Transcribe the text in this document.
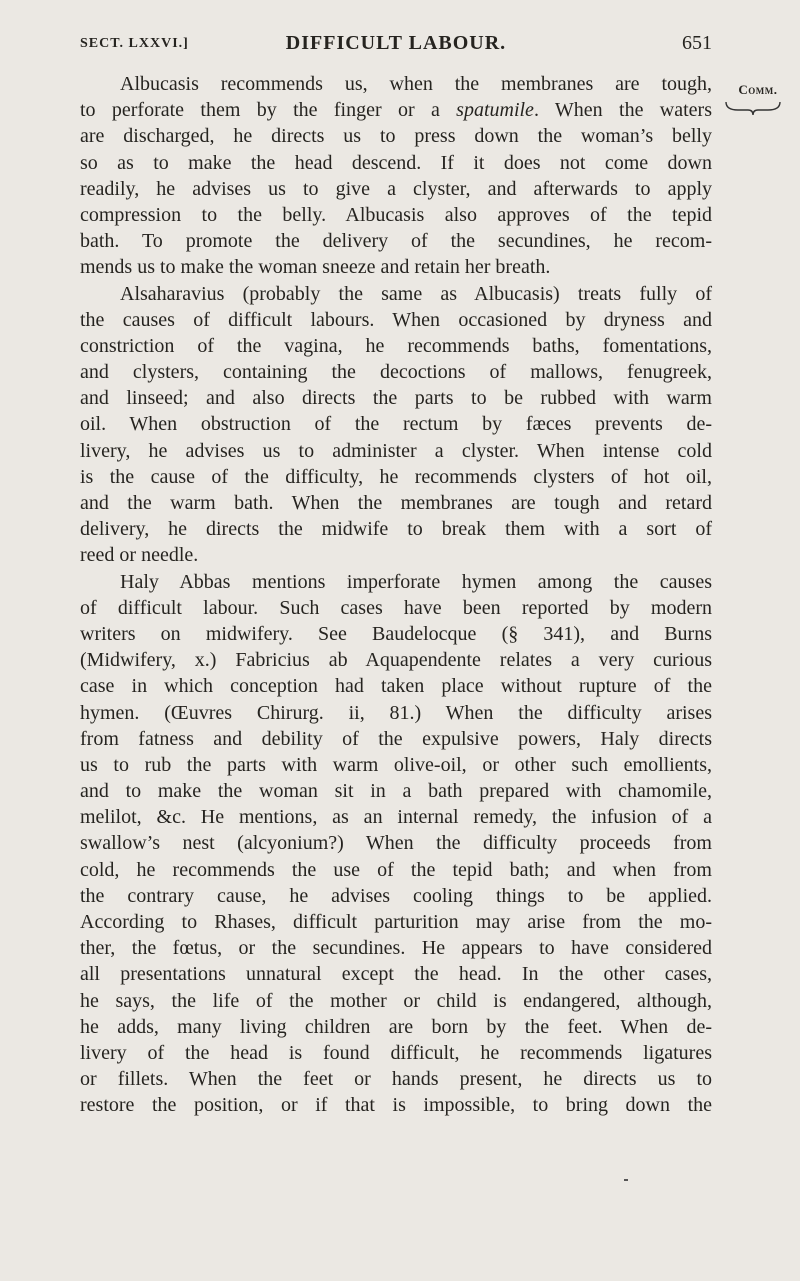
SECT. LXXVI.]	DIFFICULT LABOUR.	651
Comm.
Albucasis recommends us, when the membranes are tough,
to perforate them by the finger or a spatumile. When the waters
are discharged, he directs us to press down the woman’s belly
so as to make the head descend. If it does not come down
readily, he advises us to give a clyster, and afterwards to apply
compression to the belly. Albucasis also approves of the tepid
bath. To promote the delivery of the secundines, he recom-
mends us to make the woman sneeze and retain her breath.
Alsaharavius (probably the same as Albucasis) treats fully of
the causes of difficult labours. When occasioned by dryness and
constriction of the vagina, he recommends baths, fomentations,
and clysters, containing the decoctions of mallows, fenugreek,
and linseed; and also directs the parts to be rubbed with warm
oil. When obstruction of the rectum by fæces prevents de-
livery, he advises us to administer a clyster. When intense cold
is the cause of the difficulty, he recommends clysters of hot oil,
and the warm bath. When the membranes are tough and retard
delivery, he directs the midwife to break them with a sort of
reed or needle.
Haly Abbas mentions imperforate hymen among the causes
of difficult labour. Such cases have been reported by modern
writers on midwifery. See Baudelocque (§ 341), and Burns
(Midwifery, x.) Fabricius ab Aquapendente relates a very curious
case in which conception had taken place without rupture of the
hymen. (Œuvres Chirurg. ii, 81.) When the difficulty arises
from fatness and debility of the expulsive powers, Haly directs
us to rub the parts with warm olive-oil, or other such emollients,
and to make the woman sit in a bath prepared with chamomile,
melilot, &c. He mentions, as an internal remedy, the infusion of a
swallow’s nest (alcyonium?) When the difficulty proceeds from
cold, he recommends the use of the tepid bath; and when from
the contrary cause, he advises cooling things to be applied.
According to Rhases, difficult parturition may arise from the mo-
ther, the fœtus, or the secundines. He appears to have considered
all presentations unnatural except the head. In the other cases,
he says, the life of the mother or child is endangered, although,
he adds, many living children are born by the feet. When de-
livery of the head is found difficult, he recommends ligatures
or fillets. When the feet or hands present, he directs us to
restore the position, or if that is impossible, to bring down the
